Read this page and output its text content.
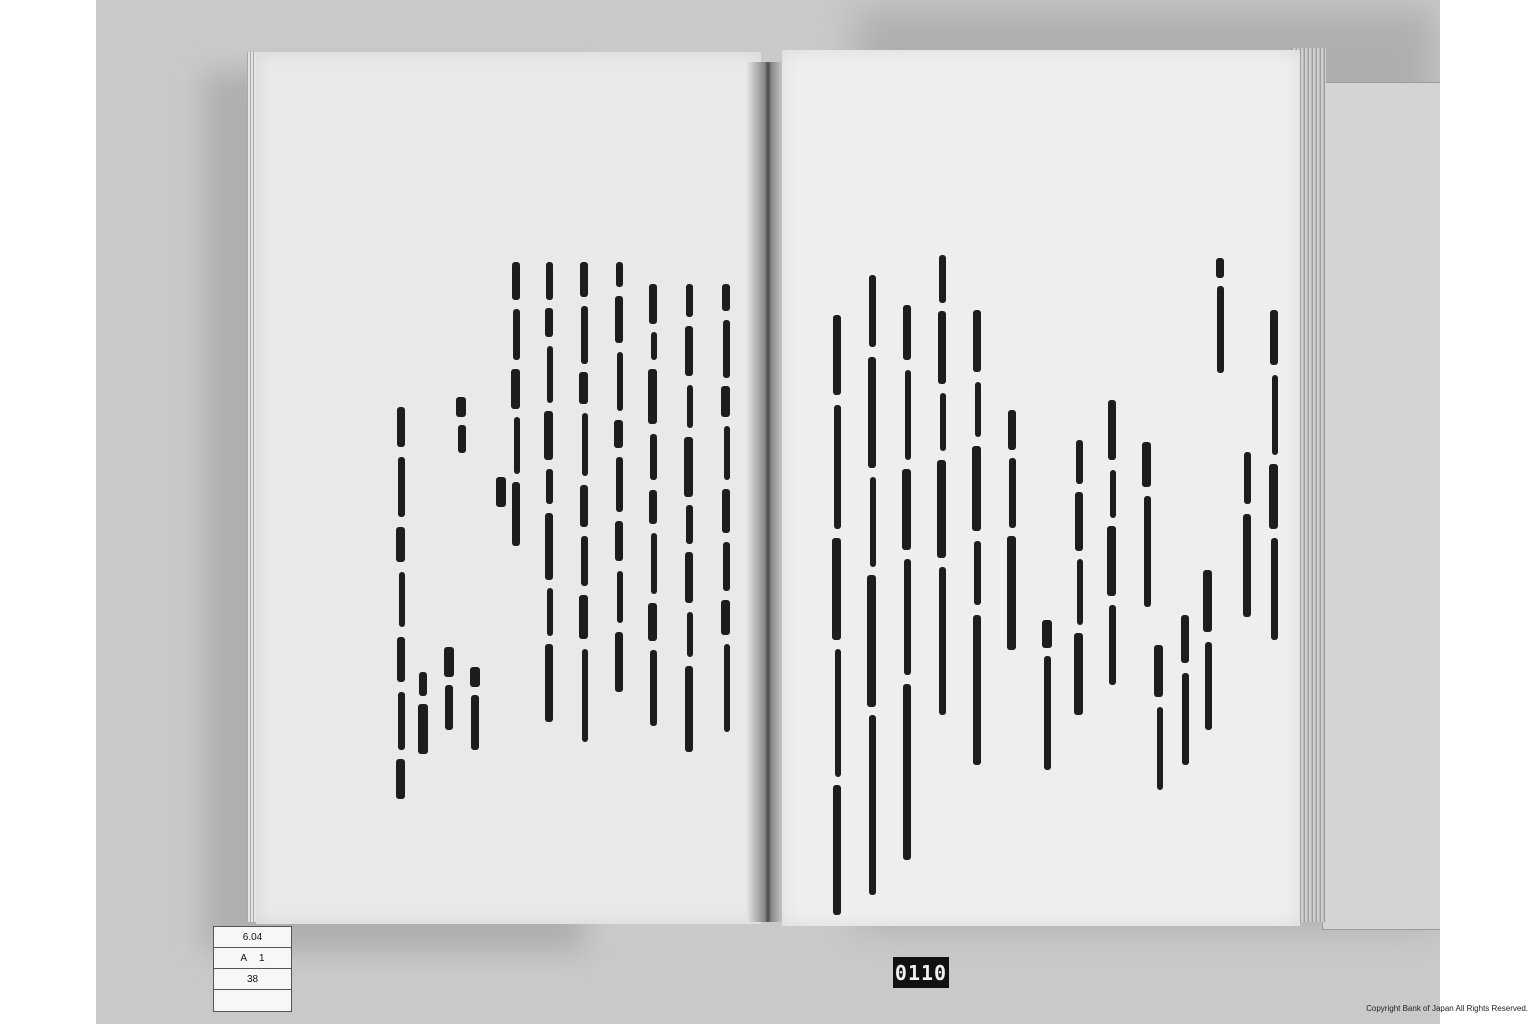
6.04
A 1
38	0110
Copyright Bank of Japan All Rights Reserved.
